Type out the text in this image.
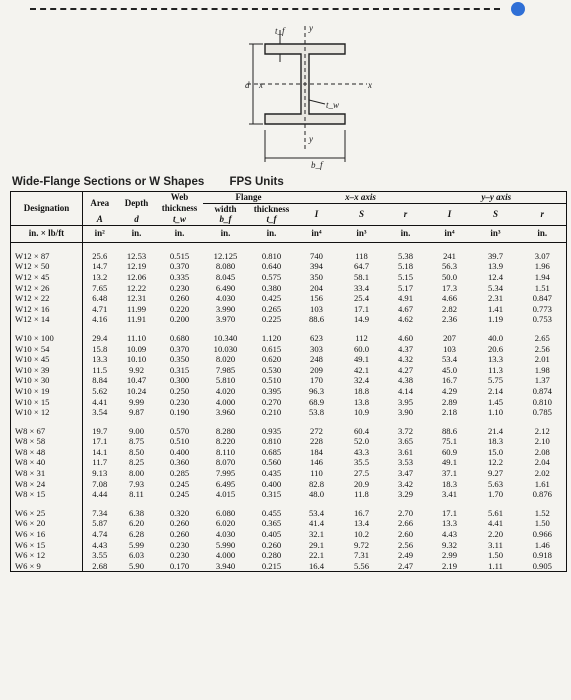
t_f	y
d x	x
t_w
y
b_f
Wide-Flange Sections or W Shapes FPS Units
Designation	Area	Depth	Web	Flange		x–x axis			y–y axis		
			thickness	width	thickness	I	S	r	I	S	r
	A	d	t_w	b_f	t_f						
in. × lb/ft	in²	in.	in.	in.	in.	in⁴	in³	in.	in⁴	in³	in.

W12 × 87	25.6	12.53	0.515	12.125	0.810	740	118	5.38	241	39.7	3.07
W12 × 50	14.7	12.19	0.370	8.080	0.640	394	64.7	5.18	56.3	13.9	1.96
W12 × 45	13.2	12.06	0.335	8.045	0.575	350	58.1	5.15	50.0	12.4	1.94
W12 × 26	7.65	12.22	0.230	6.490	0.380	204	33.4	5.17	17.3	5.34	1.51
W12 × 22	6.48	12.31	0.260	4.030	0.425	156	25.4	4.91	4.66	2.31	0.847
W12 × 16	4.71	11.99	0.220	3.990	0.265	103	17.1	4.67	2.82	1.41	0.773
W12 × 14	4.16	11.91	0.200	3.970	0.225	88.6	14.9	4.62	2.36	1.19	0.753

W10 × 100	29.4	11.10	0.680	10.340	1.120	623	112	4.60	207	40.0	2.65
W10 × 54	15.8	10.09	0.370	10.030	0.615	303	60.0	4.37	103	20.6	2.56
W10 × 45	13.3	10.10	0.350	8.020	0.620	248	49.1	4.32	53.4	13.3	2.01
W10 × 39	11.5	9.92	0.315	7.985	0.530	209	42.1	4.27	45.0	11.3	1.98
W10 × 30	8.84	10.47	0.300	5.810	0.510	170	32.4	4.38	16.7	5.75	1.37
W10 × 19	5.62	10.24	0.250	4.020	0.395	96.3	18.8	4.14	4.29	2.14	0.874
W10 × 15	4.41	9.99	0.230	4.000	0.270	68.9	13.8	3.95	2.89	1.45	0.810
W10 × 12	3.54	9.87	0.190	3.960	0.210	53.8	10.9	3.90	2.18	1.10	0.785

W8 × 67	19.7	9.00	0.570	8.280	0.935	272	60.4	3.72	88.6	21.4	2.12
W8 × 58	17.1	8.75	0.510	8.220	0.810	228	52.0	3.65	75.1	18.3	2.10
W8 × 48	14.1	8.50	0.400	8.110	0.685	184	43.3	3.61	60.9	15.0	2.08
W8 × 40	11.7	8.25	0.360	8.070	0.560	146	35.5	3.53	49.1	12.2	2.04
W8 × 31	9.13	8.00	0.285	7.995	0.435	110	27.5	3.47	37.1	9.27	2.02
W8 × 24	7.08	7.93	0.245	6.495	0.400	82.8	20.9	3.42	18.3	5.63	1.61
W8 × 15	4.44	8.11	0.245	4.015	0.315	48.0	11.8	3.29	3.41	1.70	0.876

W6 × 25	7.34	6.38	0.320	6.080	0.455	53.4	16.7	2.70	17.1	5.61	1.52
W6 × 20	5.87	6.20	0.260	6.020	0.365	41.4	13.4	2.66	13.3	4.41	1.50
W6 × 16	4.74	6.28	0.260	4.030	0.405	32.1	10.2	2.60	4.43	2.20	0.966
W6 × 15	4.43	5.99	0.230	5.990	0.260	29.1	9.72	2.56	9.32	3.11	1.46
W6 × 12	3.55	6.03	0.230	4.000	0.280	22.1	7.31	2.49	2.99	1.50	0.918
W6 × 9	2.68	5.90	0.170	3.940	0.215	16.4	5.56	2.47	2.19	1.11	0.905
